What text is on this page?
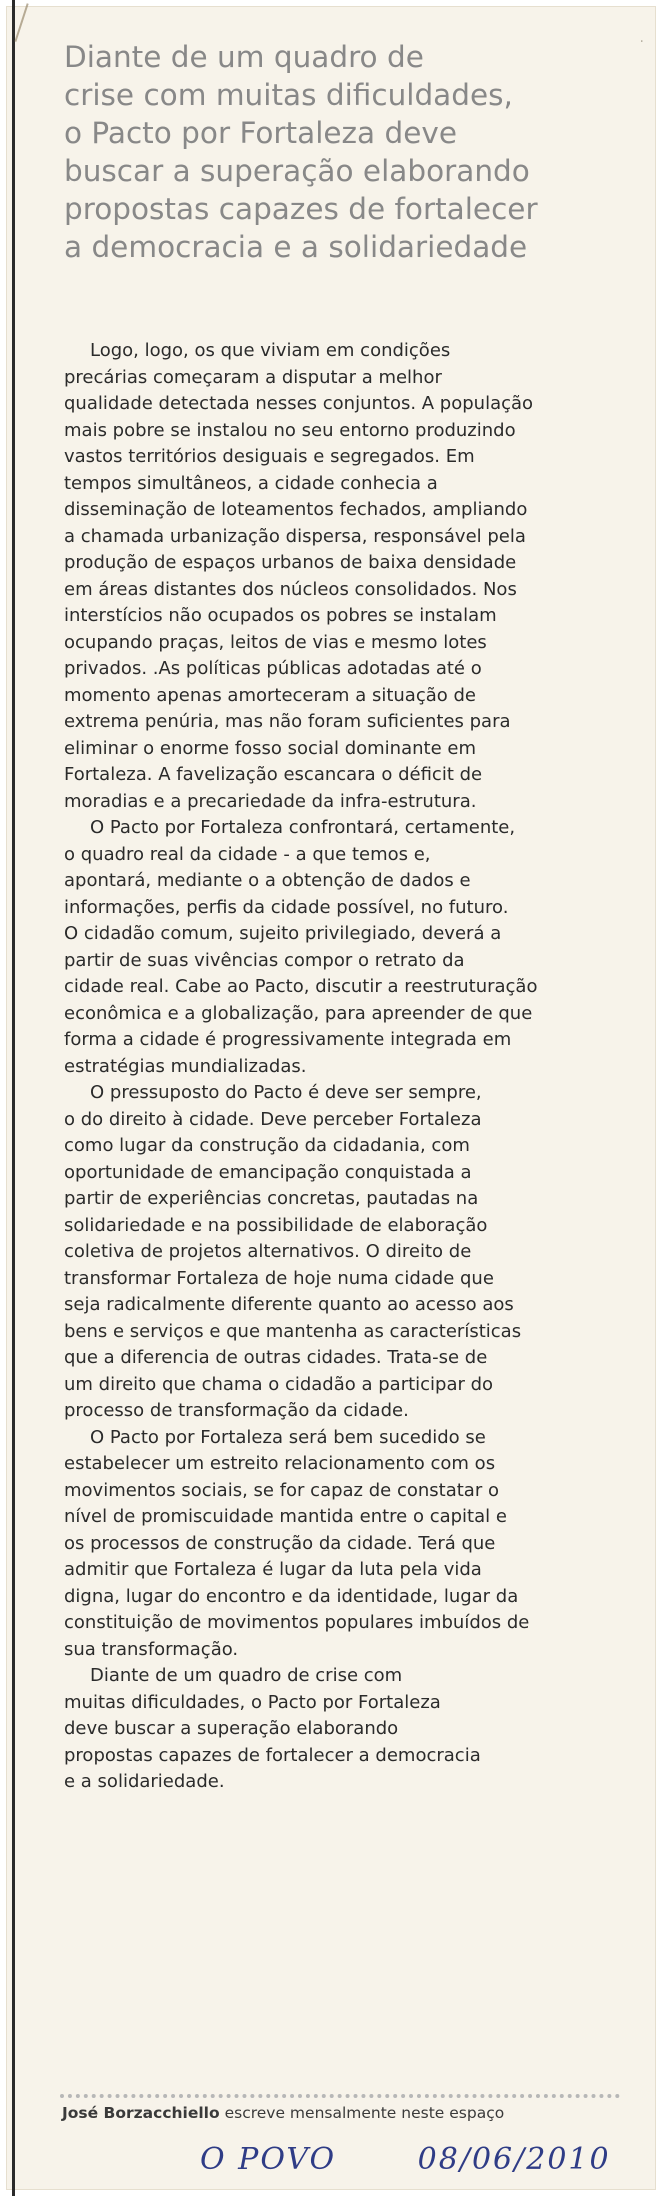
·
Diante de um quadro de
crise com muitas dificuldades,
o Pacto por Fortaleza deve
buscar a superação elaborando
propostas capazes de fortalecer
a democracia e a solidariedade

Logo, logo, os que viviam em condições
precárias começaram a disputar a melhor
qualidade detectada nesses conjuntos. A população
mais pobre se instalou no seu entorno produzindo
vastos territórios desiguais e segregados. Em
tempos simultâneos, a cidade conhecia a
disseminação de loteamentos fechados, ampliando
a chamada urbanização dispersa, responsável pela
produção de espaços urbanos de baixa densidade
em áreas distantes dos núcleos consolidados. Nos
interstícios não ocupados os pobres se instalam
ocupando praças, leitos de vias e mesmo lotes
privados. .As políticas públicas adotadas até o
momento apenas amorteceram a situação de
extrema penúria, mas não foram suficientes para
eliminar o enorme fosso social dominante em
Fortaleza. A favelização escancara o déficit de
moradias e a precariedade da infra-estrutura.

O Pacto por Fortaleza confrontará, certamente,
o quadro real da cidade - a que temos e,
apontará, mediante o a obtenção de dados e
informações, perfis da cidade possível, no futuro.
O cidadão comum, sujeito privilegiado, deverá a
partir de suas vivências compor o retrato da
cidade real. Cabe ao Pacto, discutir a reestruturação
econômica e a globalização, para apreender de que
forma a cidade é progressivamente integrada em
estratégias mundializadas.

O pressuposto do Pacto é deve ser sempre,
o do direito à cidade. Deve perceber Fortaleza
como lugar da construção da cidadania, com
oportunidade de emancipação conquistada a
partir de experiências concretas, pautadas na
solidariedade e na possibilidade de elaboração
coletiva de projetos alternativos. O direito de
transformar Fortaleza de hoje numa cidade que
seja radicalmente diferente quanto ao acesso aos
bens e serviços e que mantenha as características
que a diferencia de outras cidades. Trata-se de
um direito que chama o cidadão a participar do
processo de transformação da cidade.

O Pacto por Fortaleza será bem sucedido se
estabelecer um estreito relacionamento com os
movimentos sociais, se for capaz de constatar o
nível de promiscuidade mantida entre o capital e
os processos de construção da cidade. Terá que
admitir que Fortaleza é lugar da luta pela vida
digna, lugar do encontro e da identidade, lugar da
constituição de movimentos populares imbuídos de
sua transformação.

Diante de um quadro de crise com
muitas dificuldades, o Pacto por Fortaleza
deve buscar a superação elaborando
propostas capazes de fortalecer a democracia
e a solidariedade.

José Borzacchiello escreve mensalmente neste espaço
O POVO	08/06/2010
